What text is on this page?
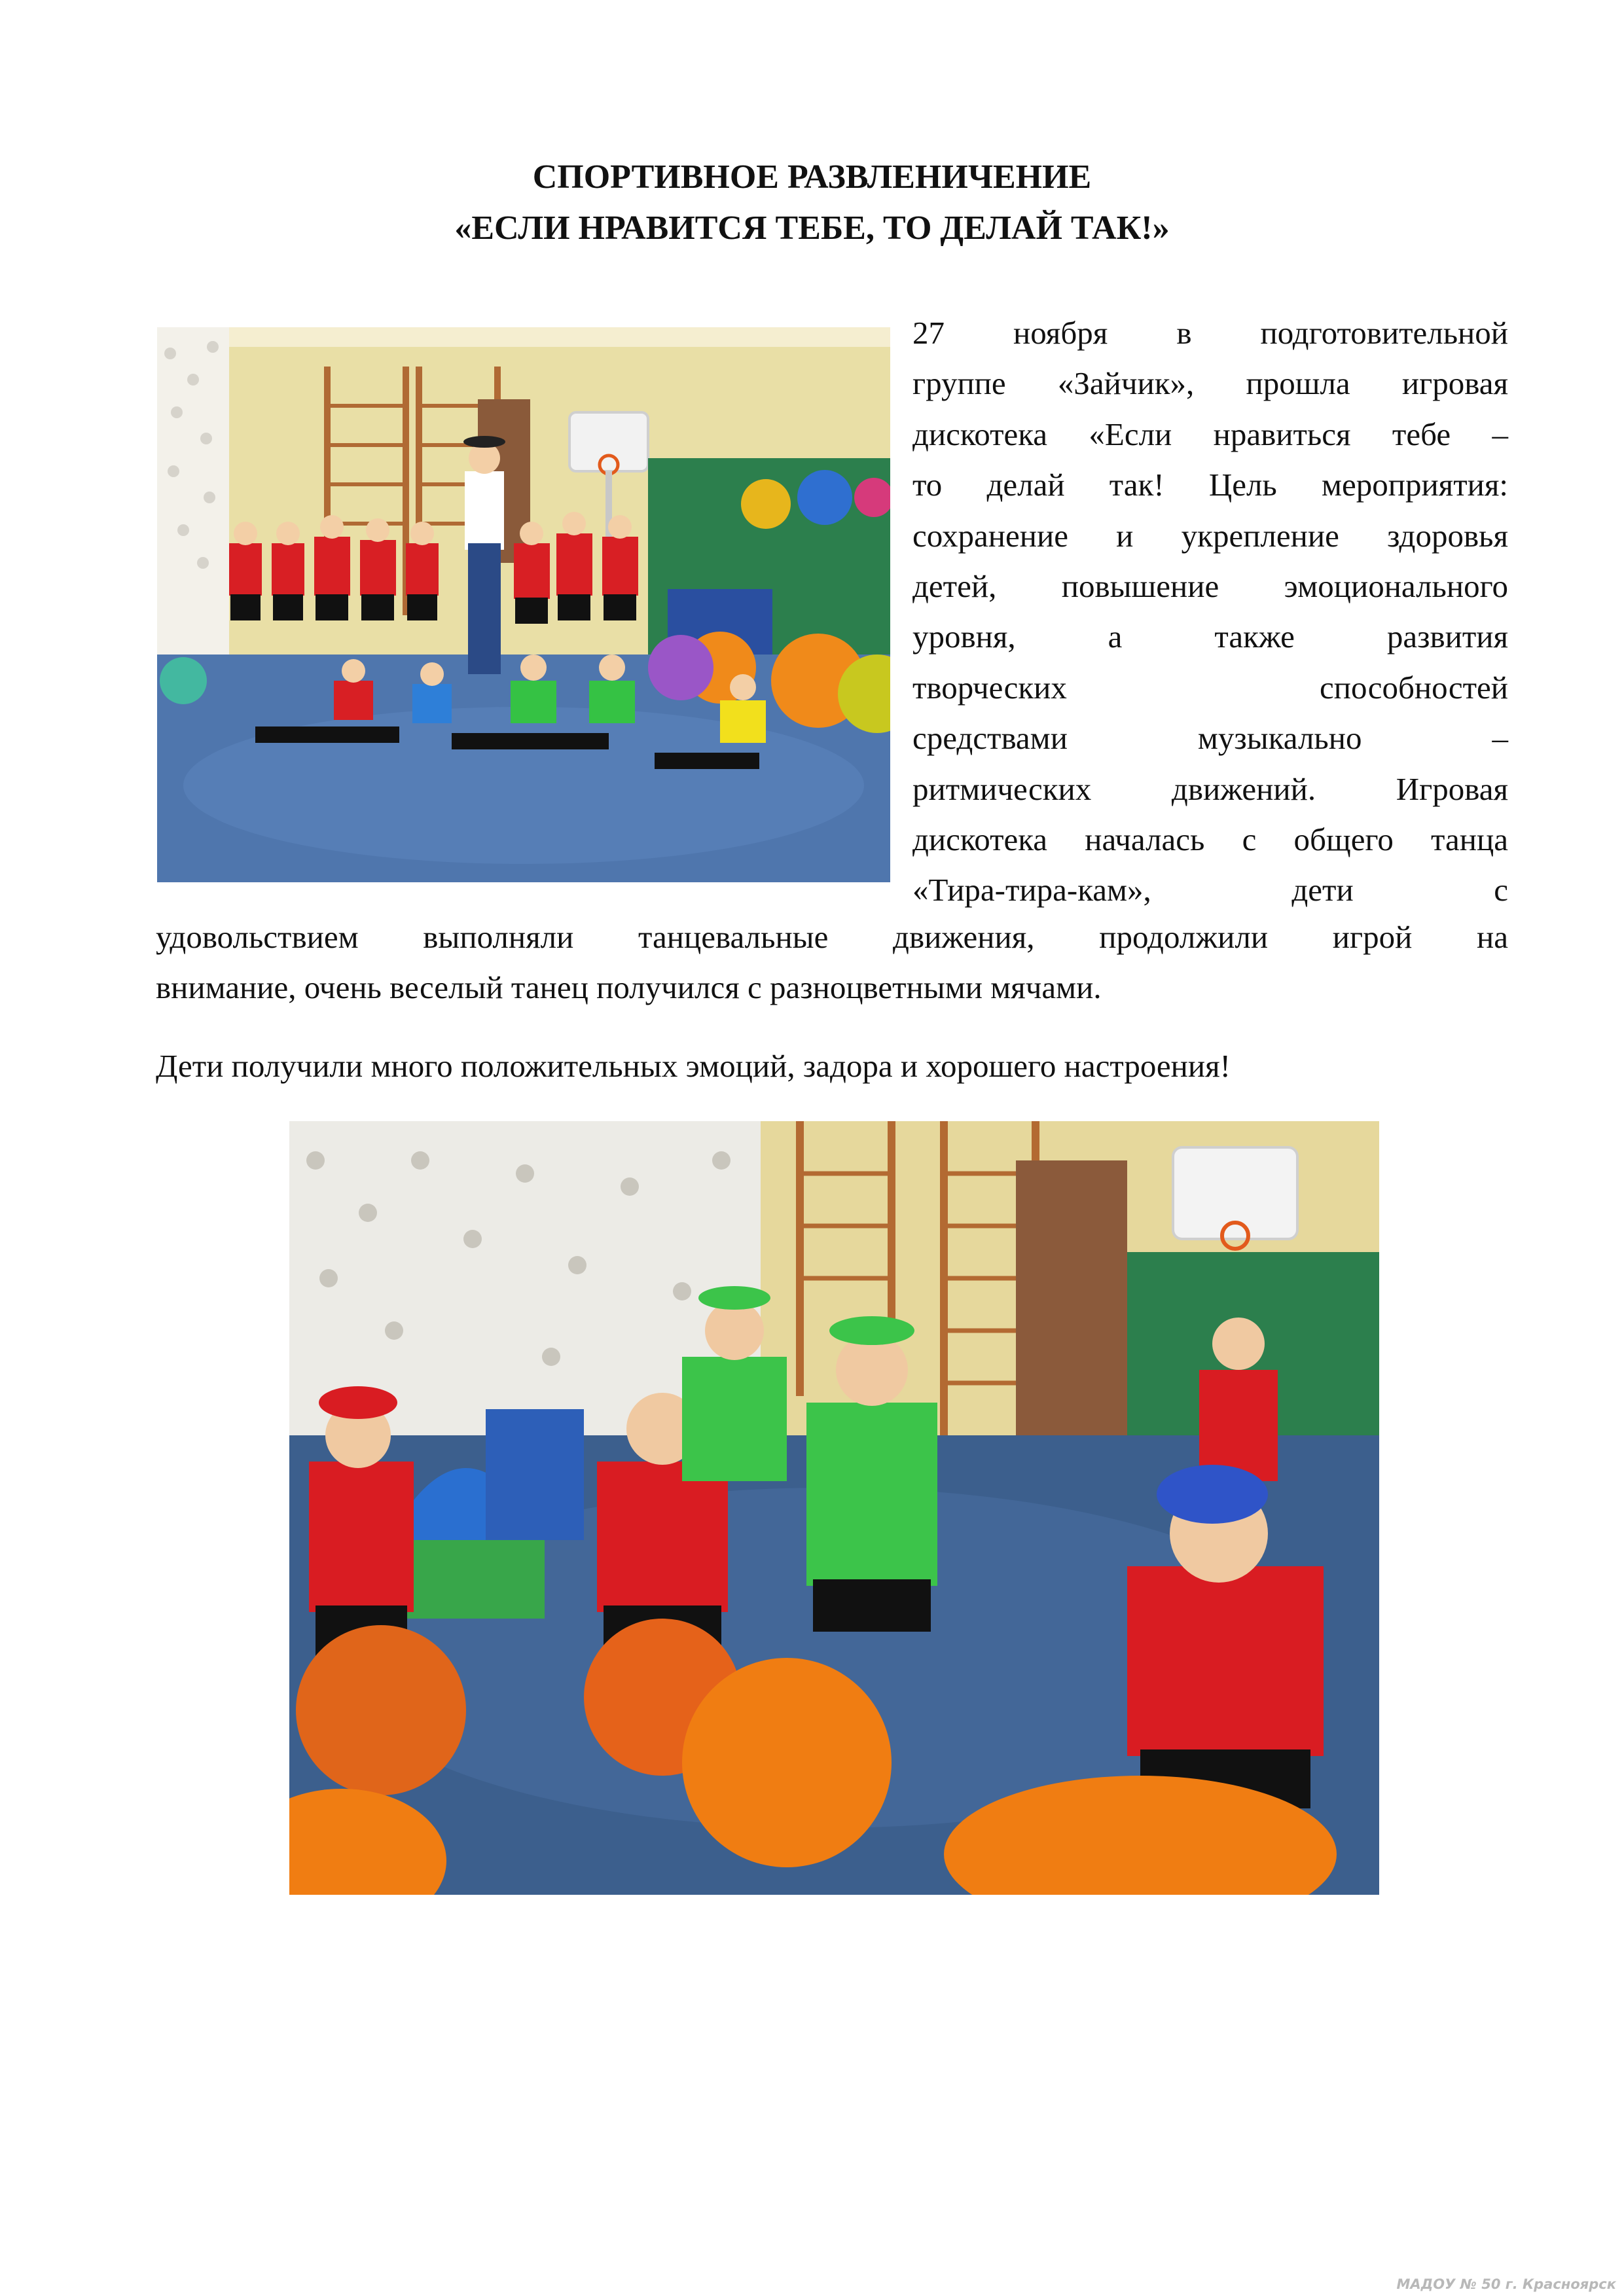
СПОРТИВНОЕ РАЗВЛЕНИЧЕНИЕ
«ЕСЛИ НРАВИТСЯ ТЕБЕ, ТО ДЕЛАЙ ТАК!»
27 ноября в подготовительной
группе «Зайчик», прошла игровая
дискотека «Если нравиться тебе –
то делай так! Цель мероприятия:
сохранение и укрепление здоровья
детей, повышение эмоционального
уровня, а также развития
творческих способностей
средствами музыкально –
ритмических движений. Игровая
дискотека началась с общего танца
«Тира-тира-кам», дети с
удовольствием выполняли танцевальные движения, продолжили игрой на
внимание, очень веселый танец получился с разноцветными мячами.
Дети получили много положительных эмоций, задора и хорошего настроения!
МАДОУ № 50 г. Красноярск
